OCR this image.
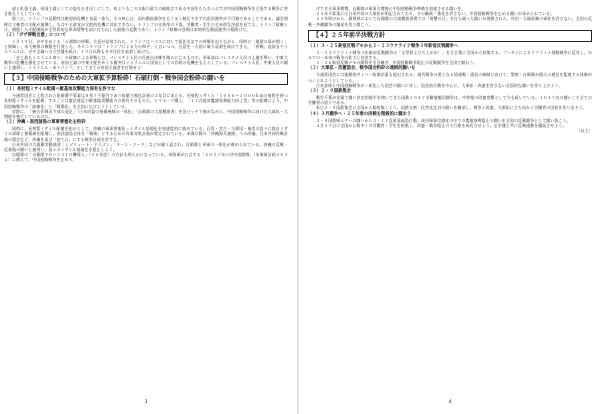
部と拡張主義、帝国主義としての姿をむき出しにして、何よりもこの支配の最大の破綻点である中国をたたきつぶす対中国侵略戦争を主張する戦争に突き進もうとしている。

第三に、トランプの反動性は絶望的危機と表裏一体だ。その核心は、国内階級闘争をもうまく制圧できず内乱的激突が不可避であることである。議会開催は主権者の支配が崩壊し、もはや全政党が全般的危機に対応できない。トランプの支持率の下落、労働者・学生の全米的な決起を見ても、トランプ政権とは、腐敗した支配階級が全世界的な革命情勢を前に打ち出した最後の反動であり、トランプ政権の登場は本格的な階級激突の幕開けだ。

（２）「ガザ停戦合意」について

１月１９日、ガザをめぐる「６週間の停戦」合意が発効された。トランプはハマスに対して就任式までの停戦を迫りながら、同時に「地獄の扉が開く」と恫喝し、米大統領の権限を行使した。ネタニヤフは「トランプによる力の和平」と言いつつ、合意を一方的に破り虐殺を続けてきた。「停戦」直前までイスラエルは、ガザ全域への大空爆を続け、１９日以降もガザ住民を虐殺し続けた。

「史上最もイスラエル寄り」の政権による停戦とは、パレスチナ人民の民族自決権を踏みにじるものだ。米軍部はパレスチナ人民の土地を奪い、中東大戦争の危機を激化させている。帝国主義の中東支配をめぐる衝突はイスラエルに国家としての存続の危機をもたらしている。パレスチナ人民、中東人民の闘いと連帯し、イスラエル・米トランプ、そして全ての帝国主義者を打倒せよ！

【３】中国侵略戦争のための大軍拡予算粉砕！石破打倒・戦争国会粉砕の闘いを
（１）長射程ミサイル配備＝敵基地攻撃能力保有を許すな

今通常国会に上程された防衛費予算案は８兆７千億円であり防衛力強化計画の３年目にあたる。長射程ミサイル「１０００〜２０００ｋｍの射程を持つ長射程ミサイルを配備」することは憲法違反の敵基地攻撃能力の保有そのものだ。トマホーク購入、「１２式地対艦誘導弾能力向上型」等の配備により、中国侵略戦争の「前線化」と「戦場化」を全国に広げようとしている。

実際に、「統合作戦司令部の発足」「日米同盟の指揮統制の一体化」「自衛隊の大規模演習」を急ピッチで進めながら、中国侵略戦争に向けた大軍拡・大増税を強行しているのだ。

（２）沖縄・南西諸島の軍事要塞化を粉砕

同時に、長射程ミサイル配備を始めとして、沖縄の軍事要塞化＝ミサイル基地化を加速度的に進めている。石垣・宮古・与那国・奄美の島々に陸自ミサイル部隊と弾薬庫を配備し、南西諸島全体を「戦場」とするための有事対処計画が策定されている。米海兵隊の「沖縄海兵連隊」への改編、日米共同作戦計画の策定など、沖縄を再び「捨て石」にする戦争計画を許すな。

日米共同の大規模実動演習「レゾリュート・ドラゴン」「キーン・ソード」などが繰り返され、自衛隊と米軍の一体化が進められている。沖縄の反戦・反基地の闘いと連帯し、島々のミサイル基地化を阻止しよう。

自衛隊の「自衛隊ドローン３１０機導入」（２６年度）の方針も明らかになっている。米海軍が公言する「２０２７年の対中国開戦」（米海軍計画２０２４）に備えて、中国侵略戦争を止めろ。

3

げできる軍事費増。自衛隊の軍事力増強と中国侵略戦争準備を加速させる闘いを。

２５年予算案には日米共同の大軍拡が明記されており、その継続・強化を許さない。中国侵略戦争を止める闘いが求められている。

２５年明けから、静岡県において自衛隊の大規模演習場での「射撃の日」を打ち破った闘いが展開された。岸田・石破政権の軍拡を許さない。全国の反戦・沖縄闘争の爆発を切り開こう。

【４】２５年前半決戦方針
（１）３・２５新宿反戦デモから２・２３ウクライナ戦争３年新宿反戦闘争へ

２・２３ウクライナ戦争３年新宿反戦闘争は「全世界よ立ち上がれ！」を合言葉に全国から結集する。プーチンによるウクライナ侵略戦争に反対し、ＮＡＴＯ・米帝の戦争の拡大と対決する。

１・２６新宿反戦デモの勝利を引き継ぎ、中国侵略戦争阻止の反戦闘争を全国で闘おう。

（２）大軍拡・改憲国会、戦争国会粉砕の連続的闘いを

今通常国会には能動的サイバー防御法案も提出される。現代戦争の要となる情報戦・通信の統制に向けて、警察・自衛隊が個人の通信を監視する体制がつくられようとしている。

日米安保と中国侵略戦争が一体化した国会の闘いに対し、国会前行動を中心に、大軍拡・改憲を許さない全国的な闘いを作り上げよう。

（３）２・９国鉄集会

動労千葉が先頭で闘い決定的地平を開いてきた国鉄１０４７名解雇撤回闘争は、中曽根の改憲攻撃として今も続いている。１０４７名の闘いこそ全ての労働者の誇りである。

本日２・９国鉄集会に全国から総結集しよう。国鉄分割・民営化反対の闘いを継承し、戦争と改憲、大軍拡に立ち向かう労働者の団結を作り出そう。

（４）３月闘争へ・２５年春の決戦を階級的に闘おう

３・８国際婦人デーの闘いから３・１１反原発福島行動、成田軍事空港化の中での農地強奪阻止の闘いを全国の反戦闘争として闘い抜こう。

４月２７日に全国から数多くの労働者・学生を結集し、改憲・戦争阻止の大行進を成功させよう。全学連と共に反戦運動を爆発させよう。

（以上）
4
